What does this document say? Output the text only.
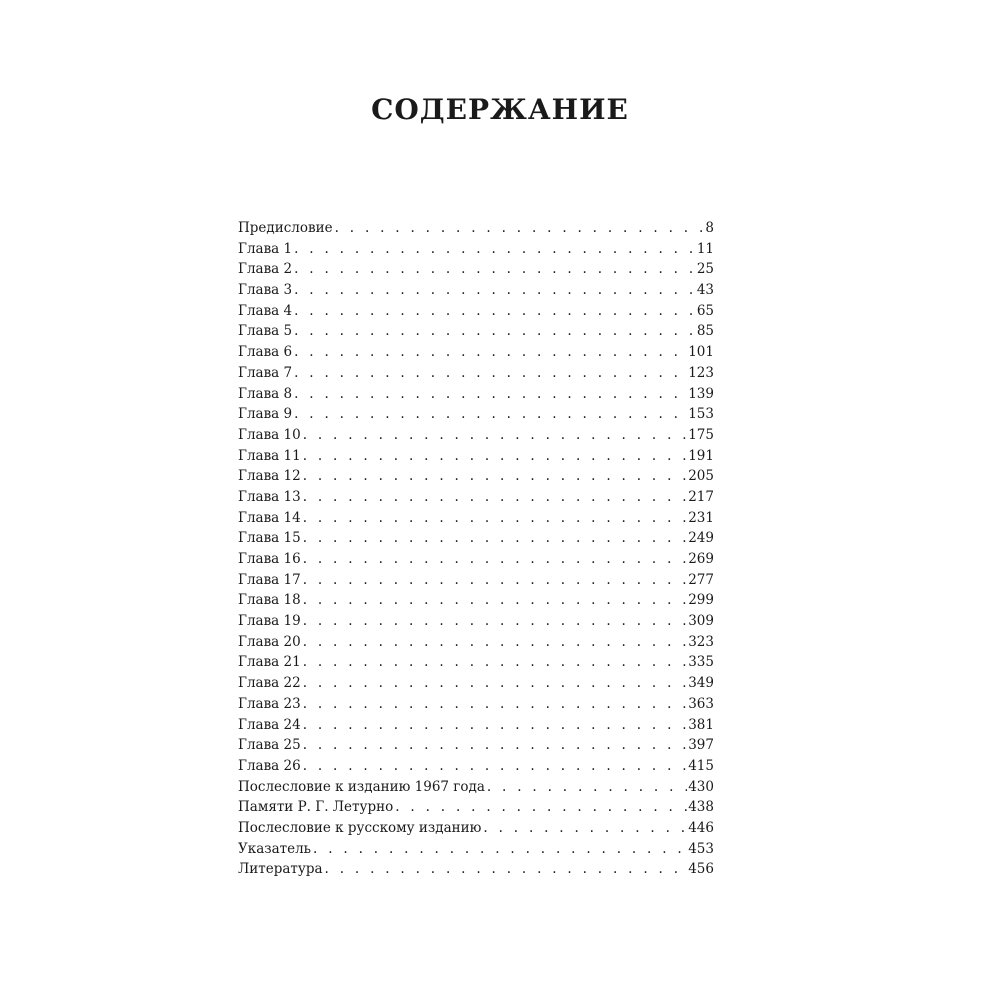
СОДЕРЖАНИЕ
Предисловие . . .	8
Глава 1 . . .	11
Глава 2 . . .	25
Глава 3 . . .	43
Глава 4 . . .	65
Глава 5 . . .	85
Глава 6 . . .	101
Глава 7 . . .	123
Глава 8 . . .	139
Глава 9 . . .	153
Глава 10 . . .	175
Глава 11 . . .	191
Глава 12 . . .	205
Глава 13 . . .	217
Глава 14 . . .	231
Глава 15 . . .	249
Глава 16 . . .	269
Глава 17 . . .	277
Глава 18 . . .	299
Глава 19 . . .	309
Глава 20 . . .	323
Глава 21 . . .	335
Глава 22 . . .	349
Глава 23 . . .	363
Глава 24 . . .	381
Глава 25 . . .	397
Глава 26 . . .	415
Послесловие к изданию 1967 года . . .	430
Памяти Р. Г. Летурно . . .	438
Послесловие к русскому изданию . . .	446
Указатель . . .	453
Литература . . .	456
